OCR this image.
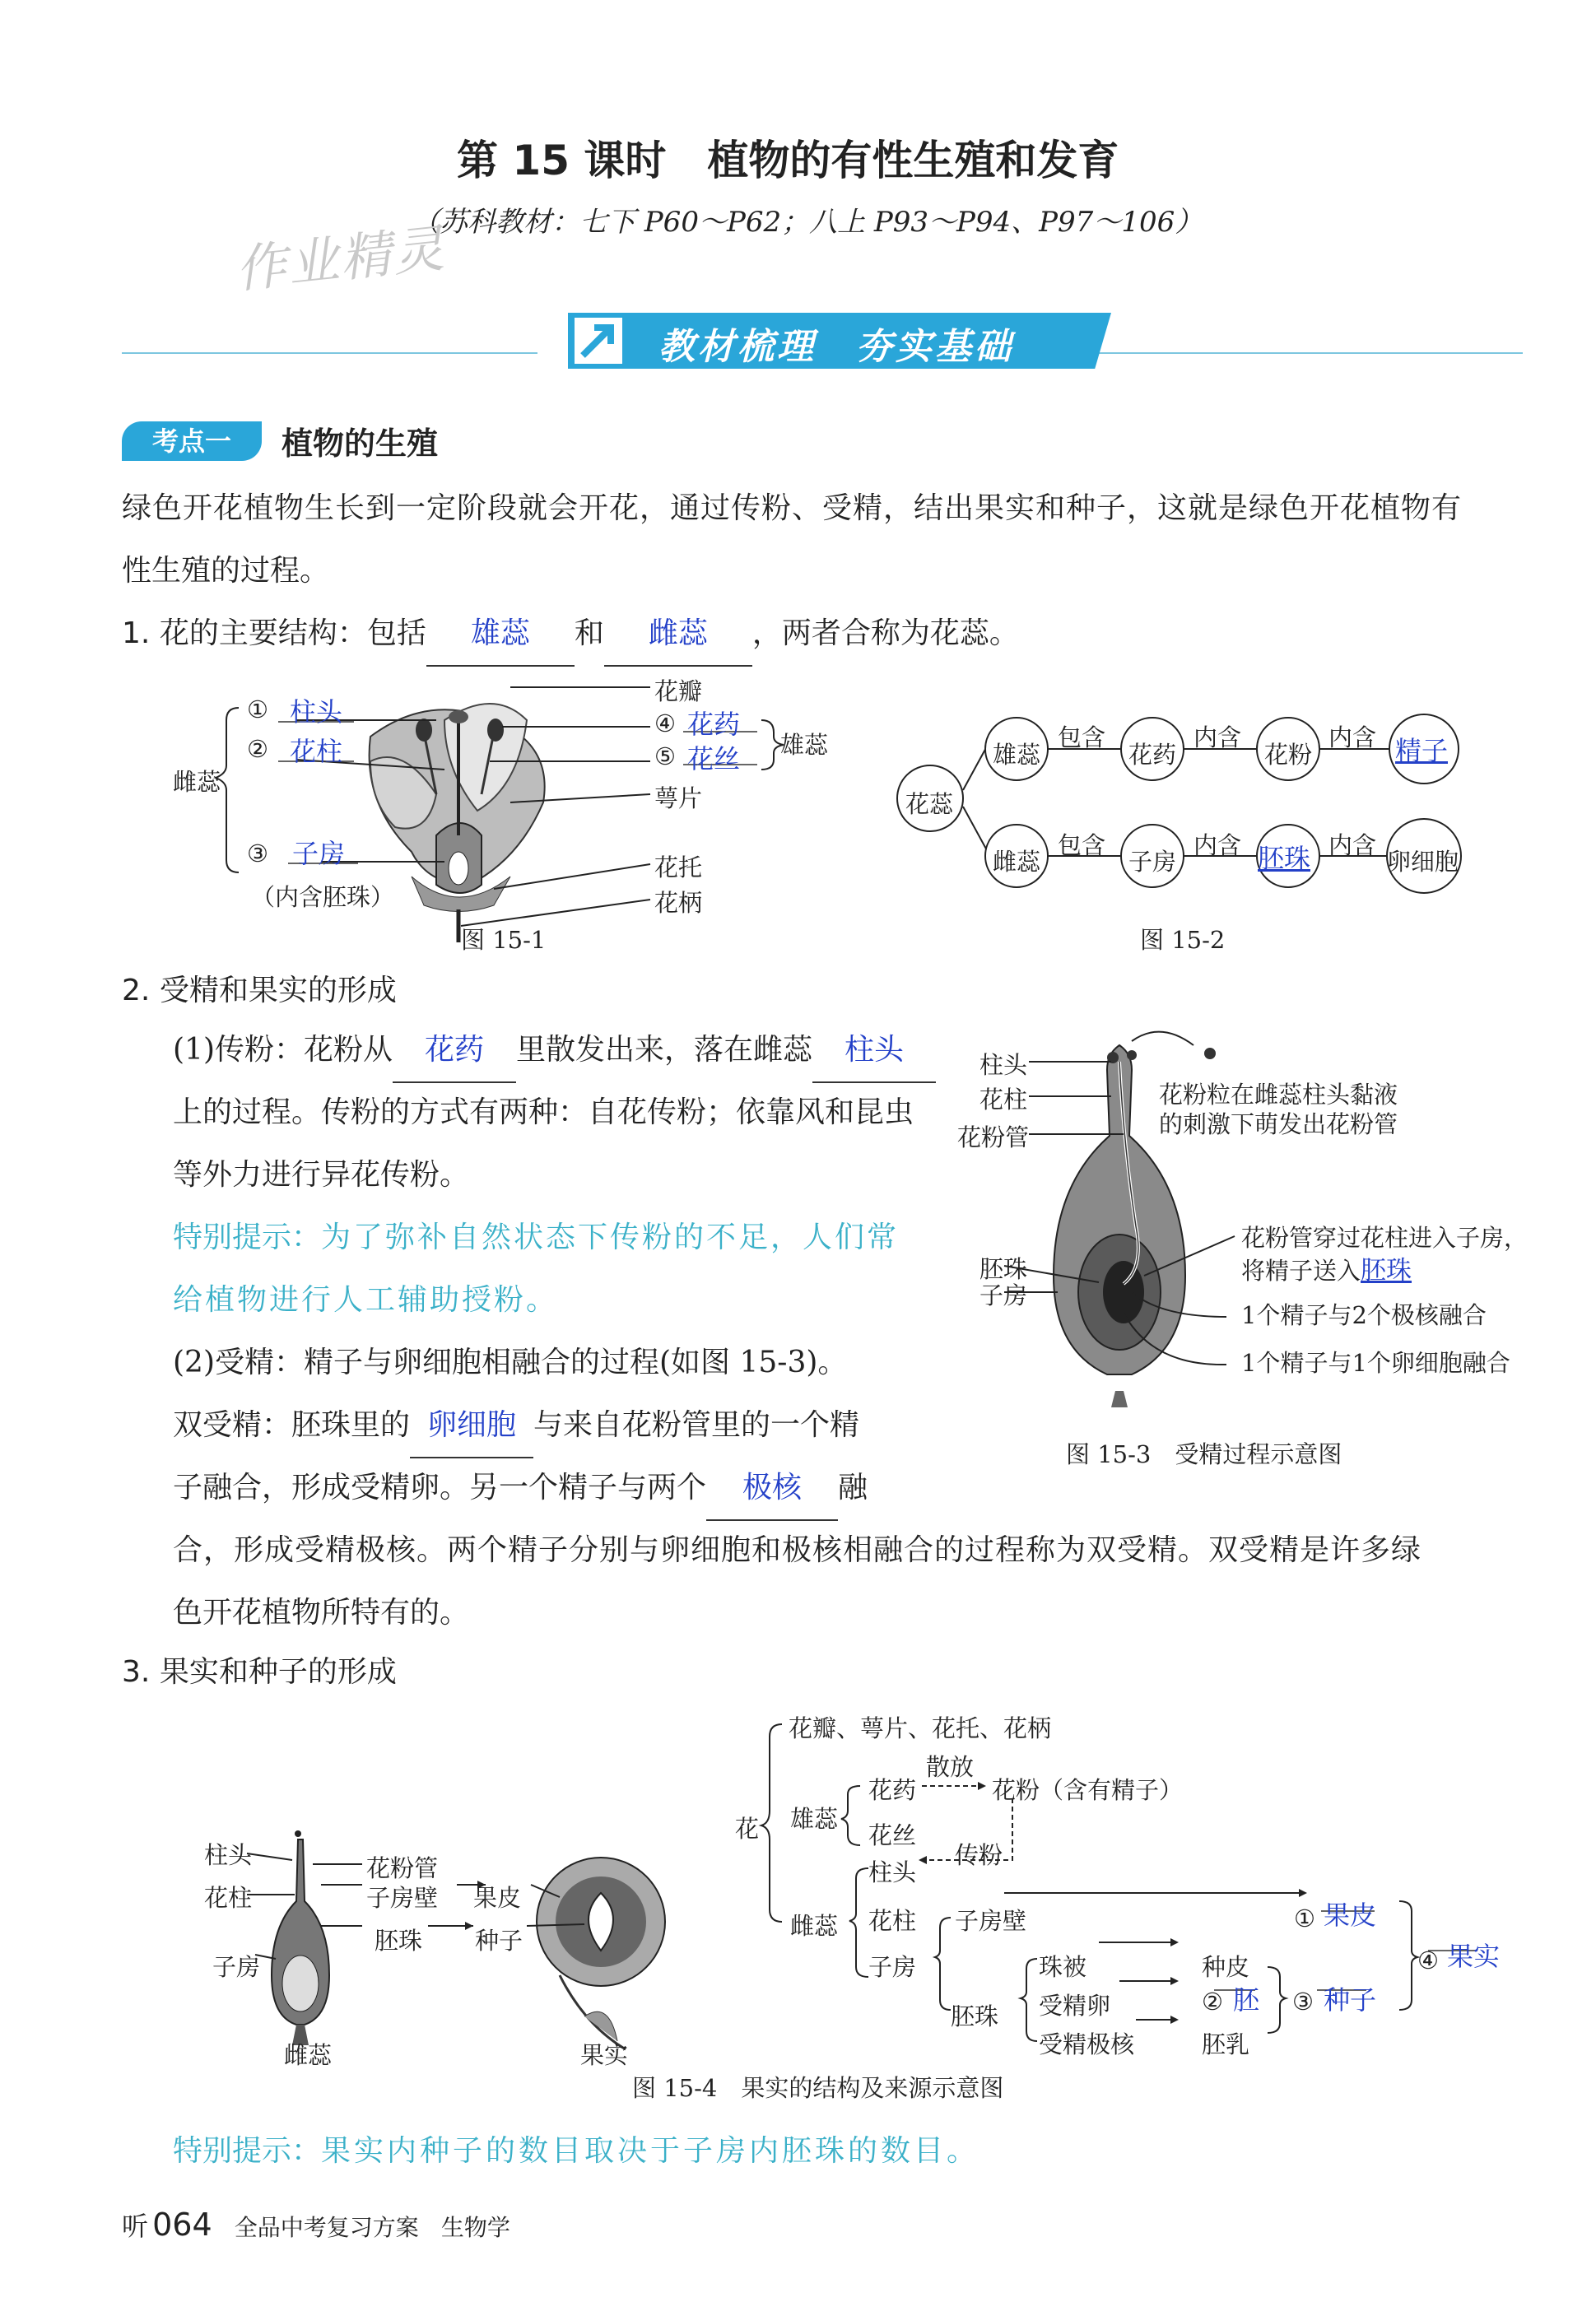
第 15 课时　植物的有性生殖和发育
（苏科教材：七下 P60～P62；八上 P93～P94、P97～106）
作业精灵
教材梳理　夯实基础
考点一	植物的生殖
绿色开花植物生长到一定阶段就会开花，通过传粉、受精，结出果实和种子，这就是绿色开花植物有
性生殖的过程。
1. 花的主要结构：包括 雄蕊 和 雌蕊 ，两者合称为花蕊。
雌蕊
① 柱头
② 花柱
③ 子房
（内含胚珠）
花瓣
④ 花药
⑤ 花丝 雄蕊
萼片
花托
花柄
图 15-1
花蕊
雄蕊	花药	花粉	精子
包含	内含	内含
雌蕊	子房	胚珠	卵细胞
包含	内含	内含
图 15-2
2. 受精和果实的形成
(1)传粉：花粉从 花药 里散发出来，落在雌蕊 柱头
上的过程。传粉的方式有两种：自花传粉；依靠风和昆虫
等外力进行异花传粉。
特别提示：为了弥补自然状态下传粉的不足，人们常
给植物进行人工辅助授粉。
(2)受精：精子与卵细胞相融合的过程(如图 15-3)。
双受精：胚珠里的 卵细胞 与来自花粉管里的一个精
子融合，形成受精卵。另一个精子与两个 极核 融
合，形成受精极核。两个精子分别与卵细胞和极核相融合的过程称为双受精。双受精是许多绿
色开花植物所特有的。
柱头
花柱
花粉管
胚珠
子房
花粉粒在雌蕊柱头黏液
的刺激下萌发出花粉管
花粉管穿过花柱进入子房，
将精子送入胚珠
1个精子与2个极核融合
1个精子与1个卵细胞融合
图 15-3　受精过程示意图
3. 果实和种子的形成
柱头
花柱
子房
花粉管
子房壁 果皮
胚珠 种子
雌蕊	果实
花
花瓣、萼片、花托、花柄
雄蕊
花药
散放
花粉（含有精子）
花丝
柱头
传粉
雌蕊 花柱
子房
子房壁	① 果皮
胚珠
珠被	种皮
受精卵	② 胚
受精极核	胚乳
③ 种子
④ 果实
图 15-4　果实的结构及来源示意图
特别提示：果实内种子的数目取决于子房内胚珠的数目。
听 064 全品中考复习方案 生物学
